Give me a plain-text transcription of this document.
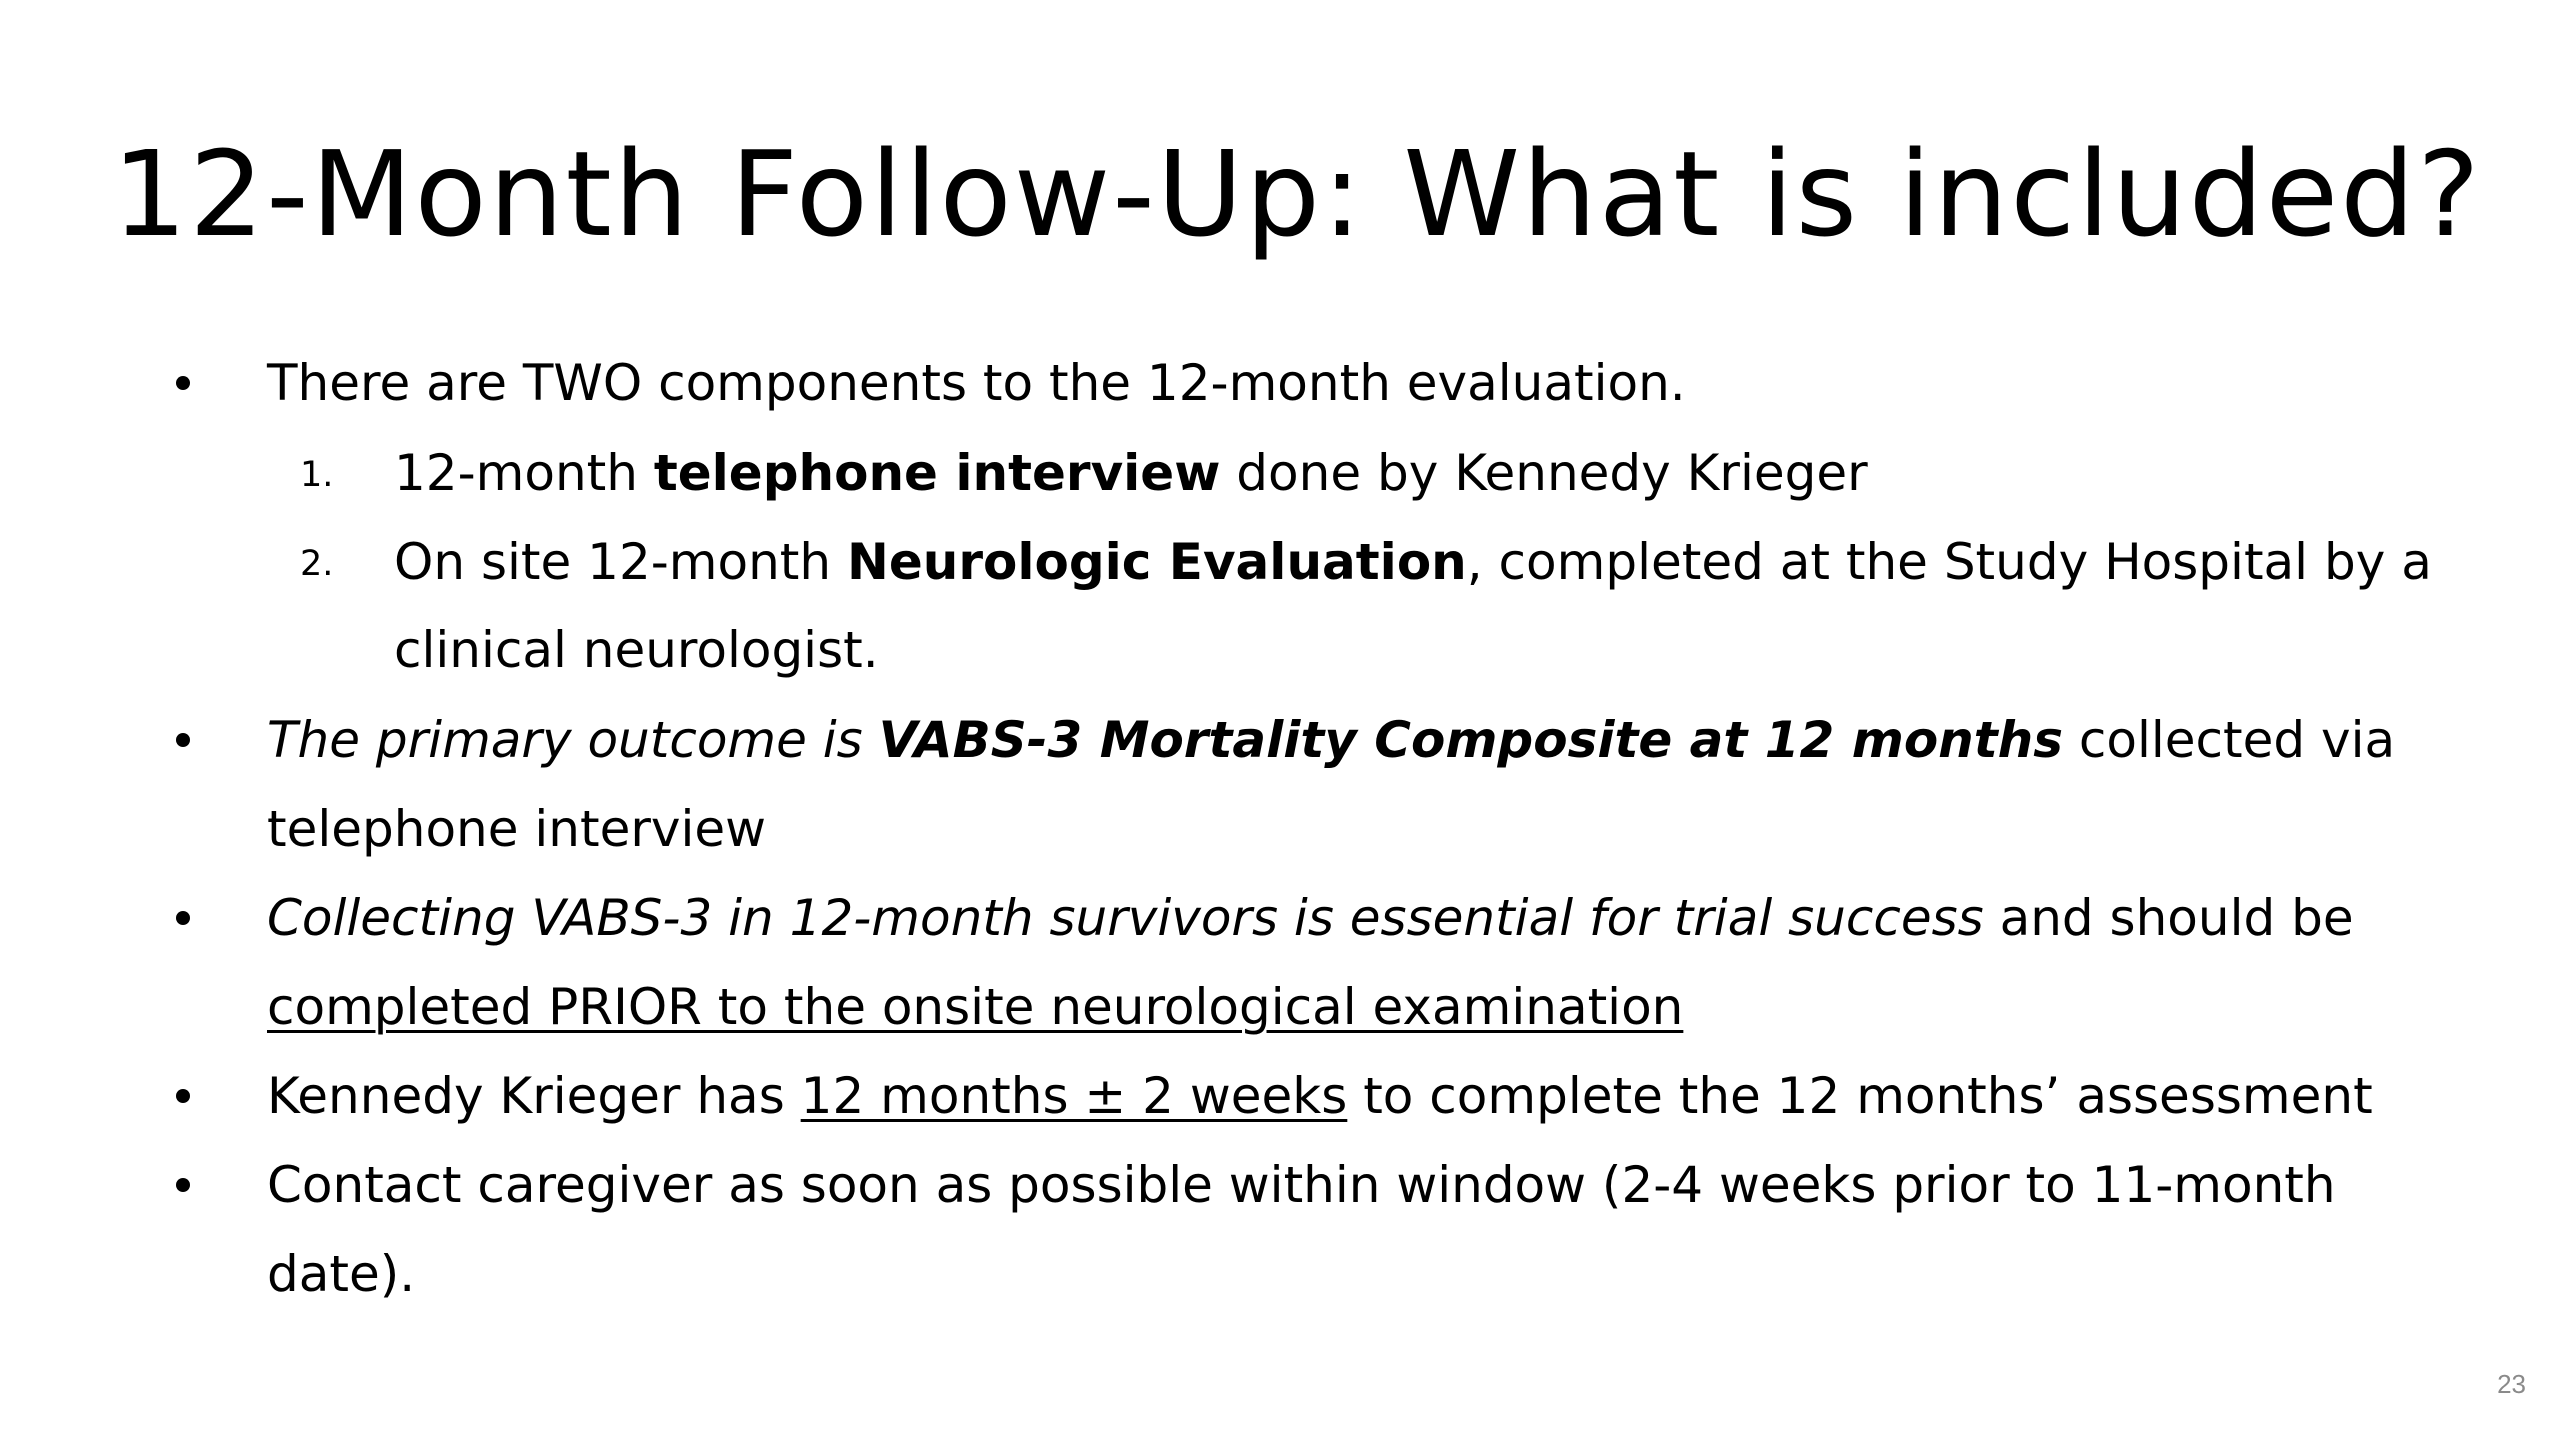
12-Month Follow-Up: What is included?
There are TWO components to the 12-month evaluation.
1. 12-month telephone interview done by Kennedy Krieger
2. On site 12-month Neurologic Evaluation, completed at the Study Hospital by a
clinical neurologist.
The primary outcome is VABS-3 Mortality Composite at 12 months collected via
telephone interview
Collecting VABS-3 in 12-month survivors is essential for trial success and should be
completed PRIOR to the onsite neurological examination
Kennedy Krieger has 12 months ± 2 weeks to complete the 12 months’ assessment
Contact caregiver as soon as possible within window (2-4 weeks prior to 11-month
date).
23
